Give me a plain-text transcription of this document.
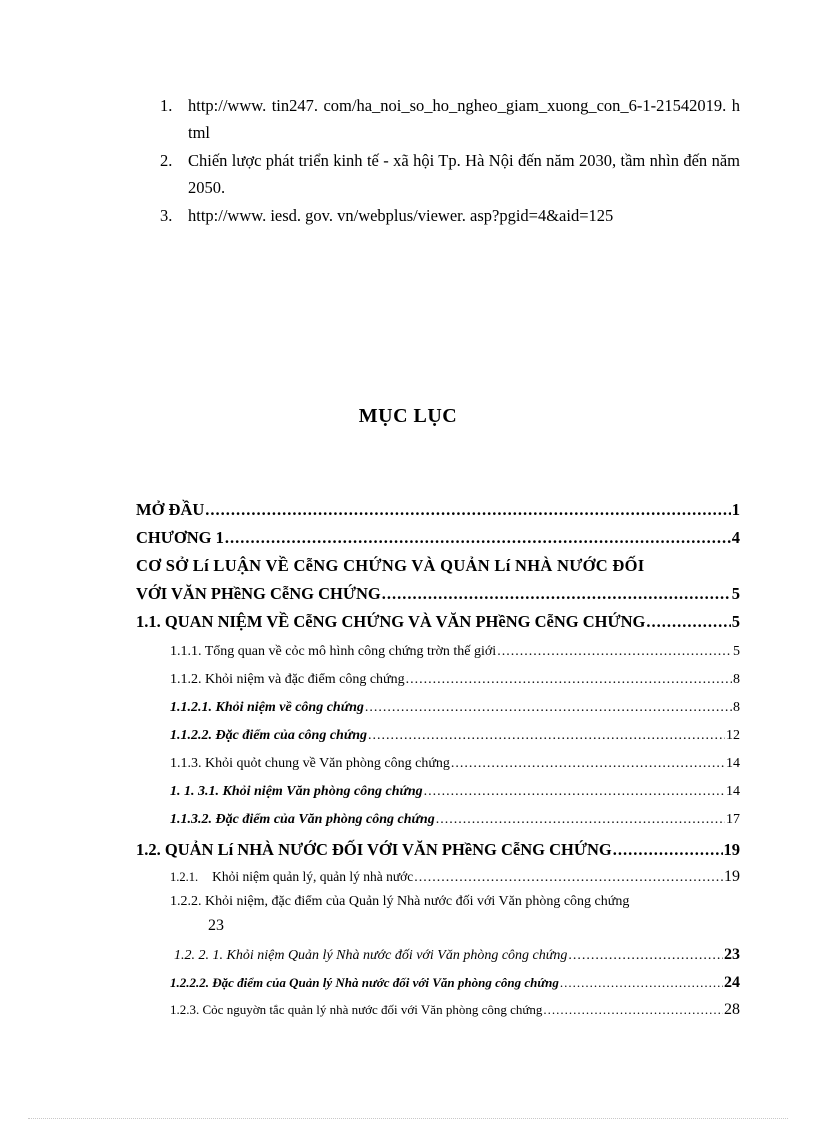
1. http://www. tin247. com/ha_noi_so_ho_ngheo_giam_xuong_con_6-1-21542019. html
2. Chiến lược phát triển kinh tế - xã hội Tp. Hà Nội đến năm 2030, tầm nhìn đến năm 2050.
3. http://www. iesd. gov. vn/webplus/viewer. asp?pgid=4&aid=125
MỤC LỤC
MỞ ĐẦU .....	1
CHƯƠNG 1 .....	4
CƠ SỞ Lí LUẬN VỀ CễNG CHỨNG VÀ QUẢN Lí NHÀ NƯỚC ĐỐI
VỚI VĂN PHềNG CễNG CHỨNG .....	5
1.1. QUAN NIỆM VỀ CễNG CHỨNG VÀ VĂN PHềNG CễNG CHỨNG .....	5
1.1.1. Tổng quan về cỏc mô hình công chứng trờn thế giới .....	5
1.1.2. Khỏi niệm và đặc điểm công chứng .....	8
1.1.2.1. Khỏi niệm về công chứng .....	8
1.1.2.2. Đặc điểm của công chứng .....	12
1.1.3. Khỏi quỏt chung về Văn phòng công chứng .....	14
1. 1. 3.1. Khỏi niệm Văn phòng công chứng .....	14
1.1.3.2. Đặc điểm của Văn phòng công chứng .....	17
1.2. QUẢN Lí NHÀ NƯỚC ĐỐI VỚI VĂN PHềNG CễNG CHỨNG .....	19
1.2.1. Khỏi niệm quản lý, quản lý nhà nước .....	19
1.2.2. Khỏi niệm, đặc điểm của Quản lý Nhà nước đối với Văn phòng công chứng
23
1.2. 2. 1. Khỏi niệm Quản lý Nhà nước đối với Văn phòng công chứng .....	23
1.2.2.2. Đặc điểm của Quản lý Nhà nước đối với Văn phòng công chứng .....	24
1.2.3. Cỏc nguyờn tắc quản lý nhà nước đối với Văn phòng công chứng .....	28
